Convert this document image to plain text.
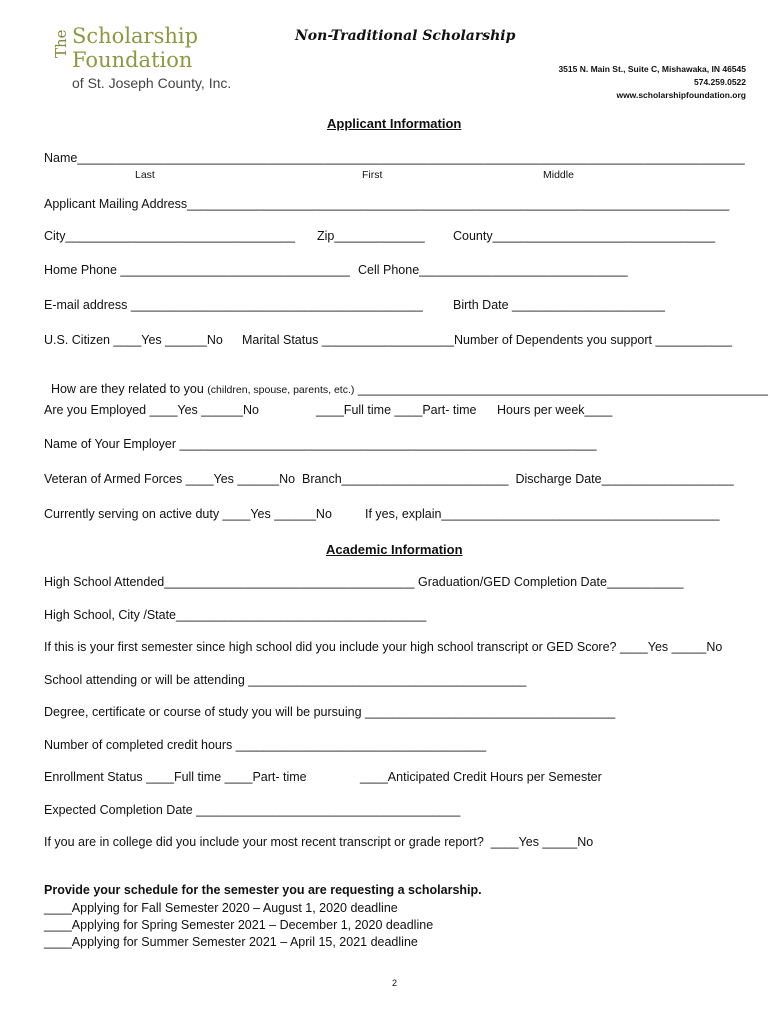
The Scholarship
Foundation
of St. Joseph County, Inc.
Non-Traditional Scholarship
3515 N. Main St., Suite C, Mishawaka, IN 46545
574.259.0522
www.scholarshipfoundation.org
Applicant Information
Name________________________________________________________________________________________________
Last	First	Middle
Applicant Mailing Address______________________________________________________________________________
City_________________________________ Zip_____________ County________________________________
Home Phone _________________________________ Cell Phone______________________________
E-mail address __________________________________________ Birth Date ______________________
U.S. Citizen ____Yes ______No Marital Status ___________________Number of Dependents you support ___________

How are they related to you (children, spouse, parents, etc.) ___________________________________________________________

Are you Employed ____Yes ______No	____Full time ____Part- time Hours per week____
Name of Your Employer ____________________________________________________________
Veteran of Armed Forces ____Yes ______No  Branch________________________  Discharge Date___________________
Currently serving on active duty ____Yes ______No	If yes, explain________________________________________
Academic Information
High School Attended____________________________________ Graduation/GED Completion Date___________
High School, City /State____________________________________
If this is your first semester since high school did you include your high school transcript or GED Score? ____Yes _____No
School attending or will be attending ________________________________________
Degree, certificate or course of study you will be pursuing ____________________________________
Number of completed credit hours ____________________________________
Enrollment Status ____Full time ____Part- time	____Anticipated Credit Hours per Semester
Expected Completion Date ______________________________________
If you are in college did you include your most recent transcript or grade report?  ____Yes _____No
Provide your schedule for the semester you are requesting a scholarship.
____Applying for Fall Semester 2020 – August 1, 2020 deadline
____Applying for Spring Semester 2021 – December 1, 2020 deadline
____Applying for Summer Semester 2021 – April 15, 2021 deadline
2
